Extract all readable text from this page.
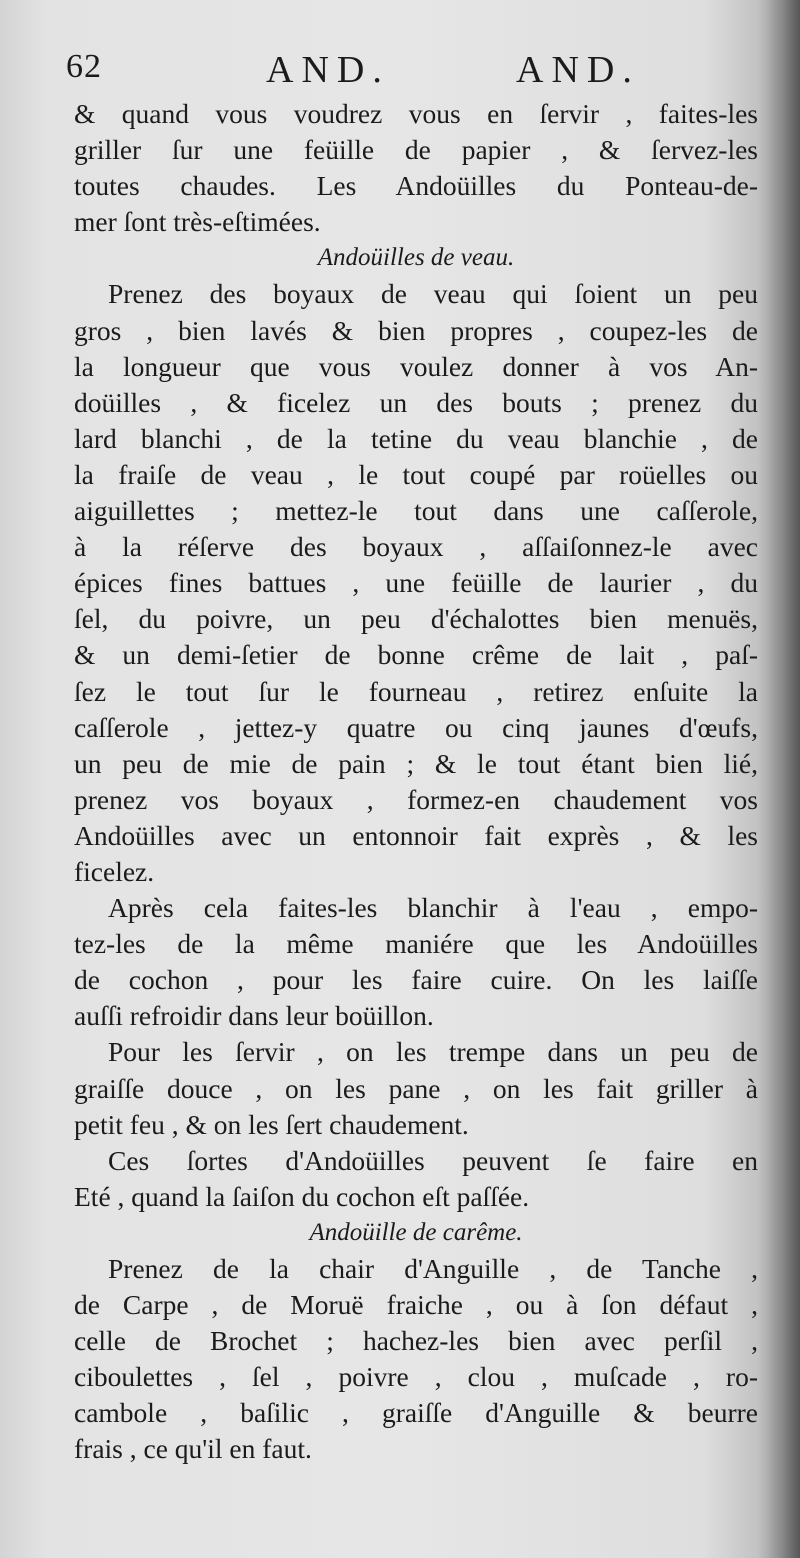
62	AND.	AND.
& quand vous voudrez vous en ſervir , faites-les
griller ſur une feüille de papier , & ſervez-les
toutes chaudes. Les Andoüilles du Ponteau-de-
mer ſont très-eſtimées.
Andoüilles de veau.
Prenez des boyaux de veau qui ſoient un peu
gros , bien lavés & bien propres , coupez-les de
la longueur que vous voulez donner à vos An-
doüilles , & ficelez un des bouts ; prenez du
lard blanchi , de la tetine du veau blanchie , de
la fraiſe de veau , le tout coupé par roüelles ou
aiguillettes ; mettez-le tout dans une caſſerole,
à la réſerve des boyaux , aſſaiſonnez-le avec
épices fines battues , une feüille de laurier , du
ſel, du poivre, un peu d'échalottes bien menuës,
& un demi-ſetier de bonne crême de lait , paſ-
ſez le tout ſur le fourneau , retirez enſuite la
caſſerole , jettez-y quatre ou cinq jaunes d'œufs,
un peu de mie de pain ; & le tout étant bien lié,
prenez vos boyaux , formez-en chaudement vos
Andoüilles avec un entonnoir fait exprès , & les
ficelez.
Après cela faites-les blanchir à l'eau , empo-
tez-les de la même maniére que les Andoüilles
de cochon , pour les faire cuire. On les laiſſe
auſſi refroidir dans leur boüillon.
Pour les ſervir , on les trempe dans un peu de
graiſſe douce , on les pane , on les fait griller à
petit feu , & on les ſert chaudement.
Ces ſortes d'Andoüilles peuvent ſe faire en
Eté , quand la ſaiſon du cochon eſt paſſée.
Andoüille de carême.
Prenez de la chair d'Anguille , de Tanche ,
de Carpe , de Moruë fraiche , ou à ſon défaut ,
celle de Brochet ; hachez-les bien avec perſil ,
ciboulettes , ſel , poivre , clou , muſcade , ro-
cambole , baſilic , graiſſe d'Anguille & beurre
frais , ce qu'il en faut.
